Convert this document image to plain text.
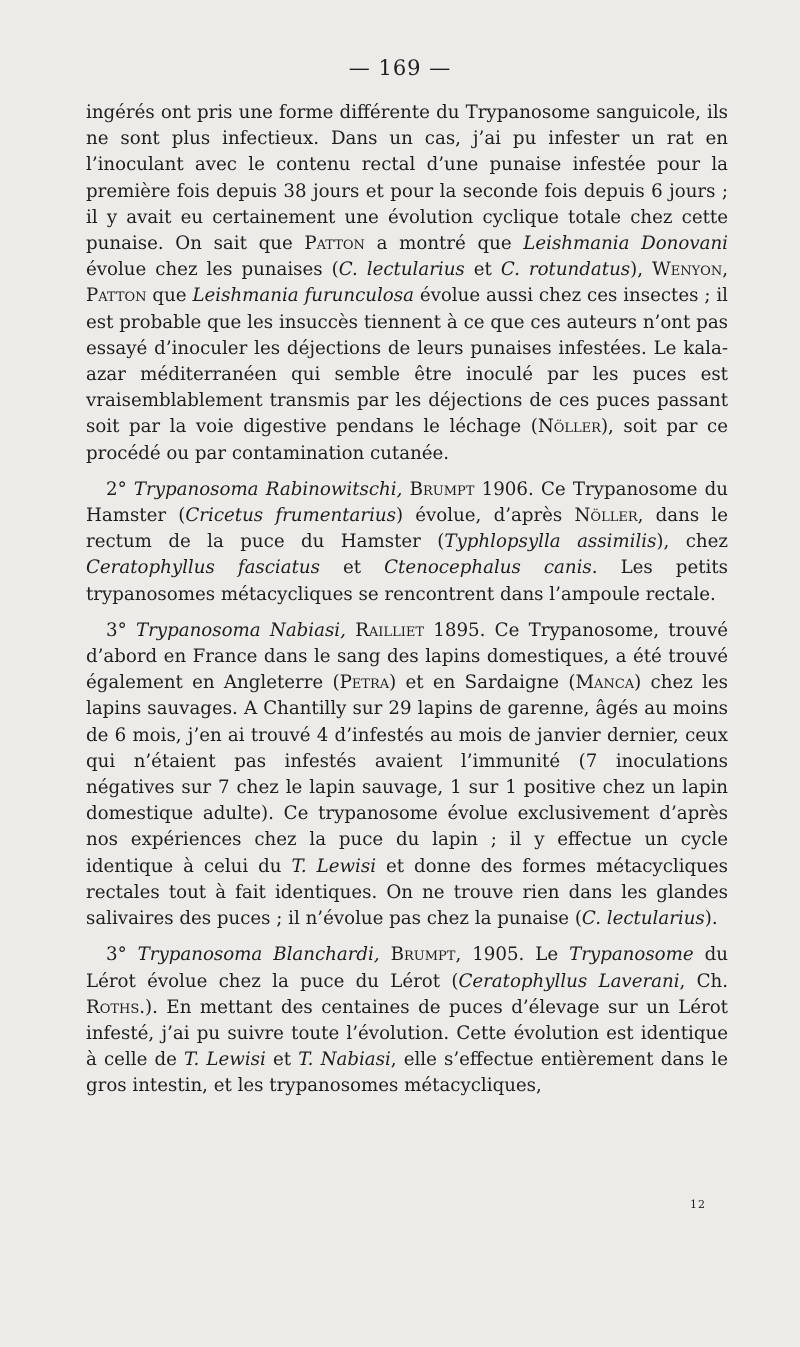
— 169 —

ingérés ont pris une forme différente du Trypanosome sanguicole, ils ne sont plus infectieux. Dans un cas, j’ai pu infester un rat en l’inoculant avec le contenu rectal d’une punaise infestée pour la première fois depuis 38 jours et pour la seconde fois depuis 6 jours ; il y avait eu certainement une évolution cyclique totale chez cette punaise. On sait que Patton a montré que Leishmania Donovani évolue chez les punaises (C. lectularius et C. rotundatus), Wenyon, Patton que Leishmania furunculosa évolue aussi chez ces insectes ; il est probable que les insuccès tiennent à ce que ces auteurs n’ont pas essayé d’inoculer les déjections de leurs punaises infestées. Le kala-azar méditerranéen qui semble être inoculé par les puces est vraisemblablement transmis par les déjections de ces puces passant soit par la voie digestive pendans le léchage (Nöller), soit par ce procédé ou par contamination cutanée.

2° Trypanosoma Rabinowitschi, Brumpt 1906. Ce Trypanosome du Hamster (Cricetus frumentarius) évolue, d’après Nöller, dans le rectum de la puce du Hamster (Typhlopsylla assimilis), chez Ceratophyllus fasciatus et Ctenocephalus canis. Les petits trypanosomes métacycliques se rencontrent dans l’ampoule rectale.

3° Trypanosoma Nabiasi, Railliet 1895. Ce Trypanosome, trouvé d’abord en France dans le sang des lapins domestiques, a été trouvé également en Angleterre (Petra) et en Sardaigne (Manca) chez les lapins sauvages. A Chantilly sur 29 lapins de garenne, âgés au moins de 6 mois, j’en ai trouvé 4 d’infestés au mois de janvier dernier, ceux qui n’étaient pas infestés avaient l’immunité (7 inoculations négatives sur 7 chez le lapin sauvage, 1 sur 1 positive chez un lapin domestique adulte). Ce trypanosome évolue exclusivement d’après nos expériences chez la puce du lapin ; il y effectue un cycle identique à celui du T. Lewisi et donne des formes métacycliques rectales tout à fait identiques. On ne trouve rien dans les glandes salivaires des puces ; il n’évolue pas chez la punaise (C. lectularius).

3° Trypanosoma Blanchardi, Brumpt, 1905. Le Trypanosome du Lérot évolue chez la puce du Lérot (Ceratophyllus Laverani, Ch. Roths.). En mettant des centaines de puces d’élevage sur un Lérot infesté, j’ai pu suivre toute l’évolution. Cette évolution est identique à celle de T. Lewisi et T. Nabiasi, elle s’effectue entièrement dans le gros intestin, et les trypanosomes métacycliques,

12
